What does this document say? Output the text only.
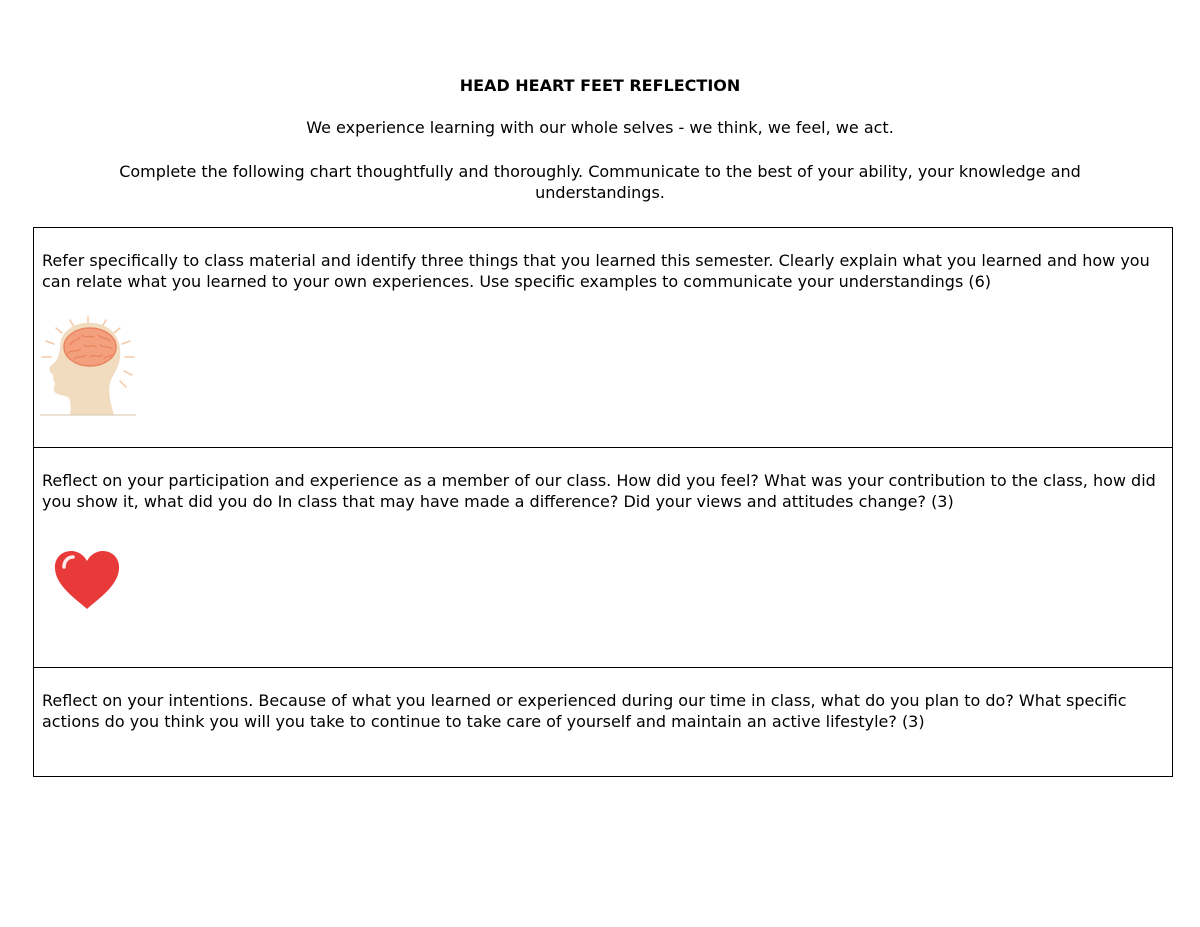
HEAD HEART FEET REFLECTION
We experience learning with our whole selves - we think, we feel, we act.
Complete the following chart thoughtfully and thoroughly. Communicate to the best of your ability, your knowledge and understandings.
Refer specifically to class material and identify three things that you learned this semester. Clearly explain what you learned and how you can relate what you learned to your own experiences. Use specific examples to communicate your understandings (6)
Reflect on your participation and experience as a member of our class. How did you feel? What was your contribution to the class, how did you show it, what did you do In class that may have made a difference? Did your views and attitudes change? (3)
Reflect on your intentions. Because of what you learned or experienced during our time in class, what do you plan to do? What specific actions do you think you will you take to continue to take care of yourself and maintain an active lifestyle? (3)
